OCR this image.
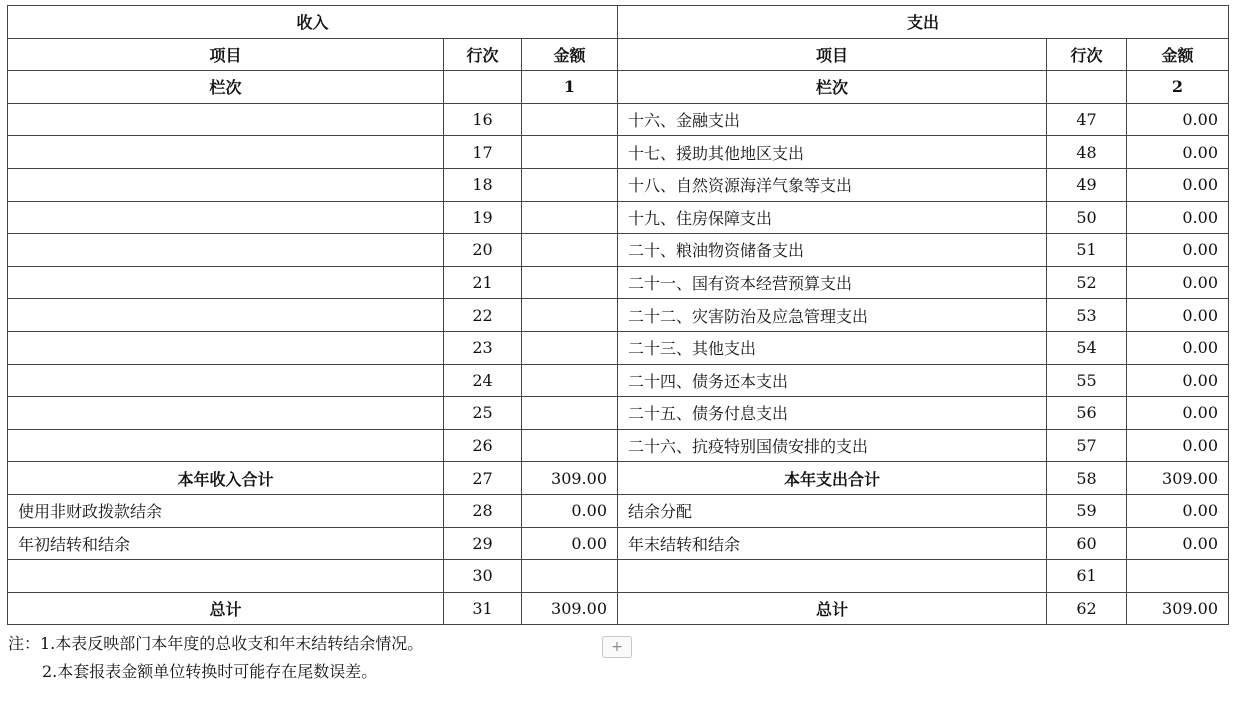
收入			支出		
项目	行次	金额	项目	行次	金额
栏次		1	栏次		2
	16		十六、金融支出	47	0.00
	17		十七、援助其他地区支出	48	0.00
	18		十八、自然资源海洋气象等支出	49	0.00
	19		十九、住房保障支出	50	0.00
	20		二十、粮油物资储备支出	51	0.00
	21		二十一、国有资本经营预算支出	52	0.00
	22		二十二、灾害防治及应急管理支出	53	0.00
	23		二十三、其他支出	54	0.00
	24		二十四、债务还本支出	55	0.00
	25		二十五、债务付息支出	56	0.00
	26		二十六、抗疫特别国债安排的支出	57	0.00
本年收入合计	27	309.00	本年支出合计	58	309.00
使用非财政拨款结余	28	0.00	结余分配	59	0.00
年初结转和结余	29	0.00	年末结转和结余	60	0.00
	30			61	
总计	31	309.00	总计	62	309.00
注：1.本表反映部门本年度的总收支和年末结转结余情况。
2.本套报表金额单位转换时可能存在尾数误差。
+
